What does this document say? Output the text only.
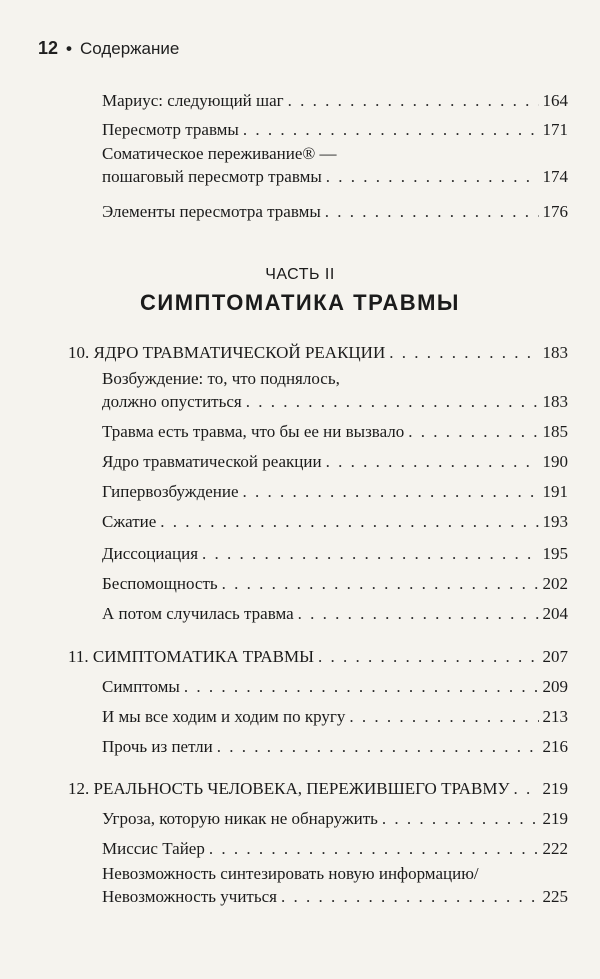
12 • Содержание
ЧАСТЬ II
СИМПТОМАТИКА ТРАВМЫ
Мариус: следующий шаг . . .	164
Пересмотр травмы . . .	171
Соматическое переживание® —
пошаговый пересмотр травмы . . .	174
Элементы пересмотра травмы . . .	176
10. ЯДРО ТРАВМАТИЧЕСКОЙ РЕАКЦИИ . . .	183
Возбуждение: то, что поднялось,
должно опуститься . . .	183
Травма есть травма, что бы ее ни вызвало . . .	185
Ядро травматической реакции . . .	190
Гипервозбуждение . . .	191
Сжатие . . .	193
Диссоциация . . .	195
Беспомощность . . .	202
А потом случилась травма . . .	204
11. СИМПТОМАТИКА ТРАВМЫ . . .	207
Симптомы . . .	209
И мы все ходим и ходим по кругу . . .	213
Прочь из петли . . .	216
12. РЕАЛЬНОСТЬ ЧЕЛОВЕКА, ПЕРЕЖИВШЕГО ТРАВМУ . . . 219
Угроза, которую никак не обнаружить . . .	219
Миссис Тайер . . .	222
Невозможность синтезировать новую информацию/
Невозможность учиться . . .	225
